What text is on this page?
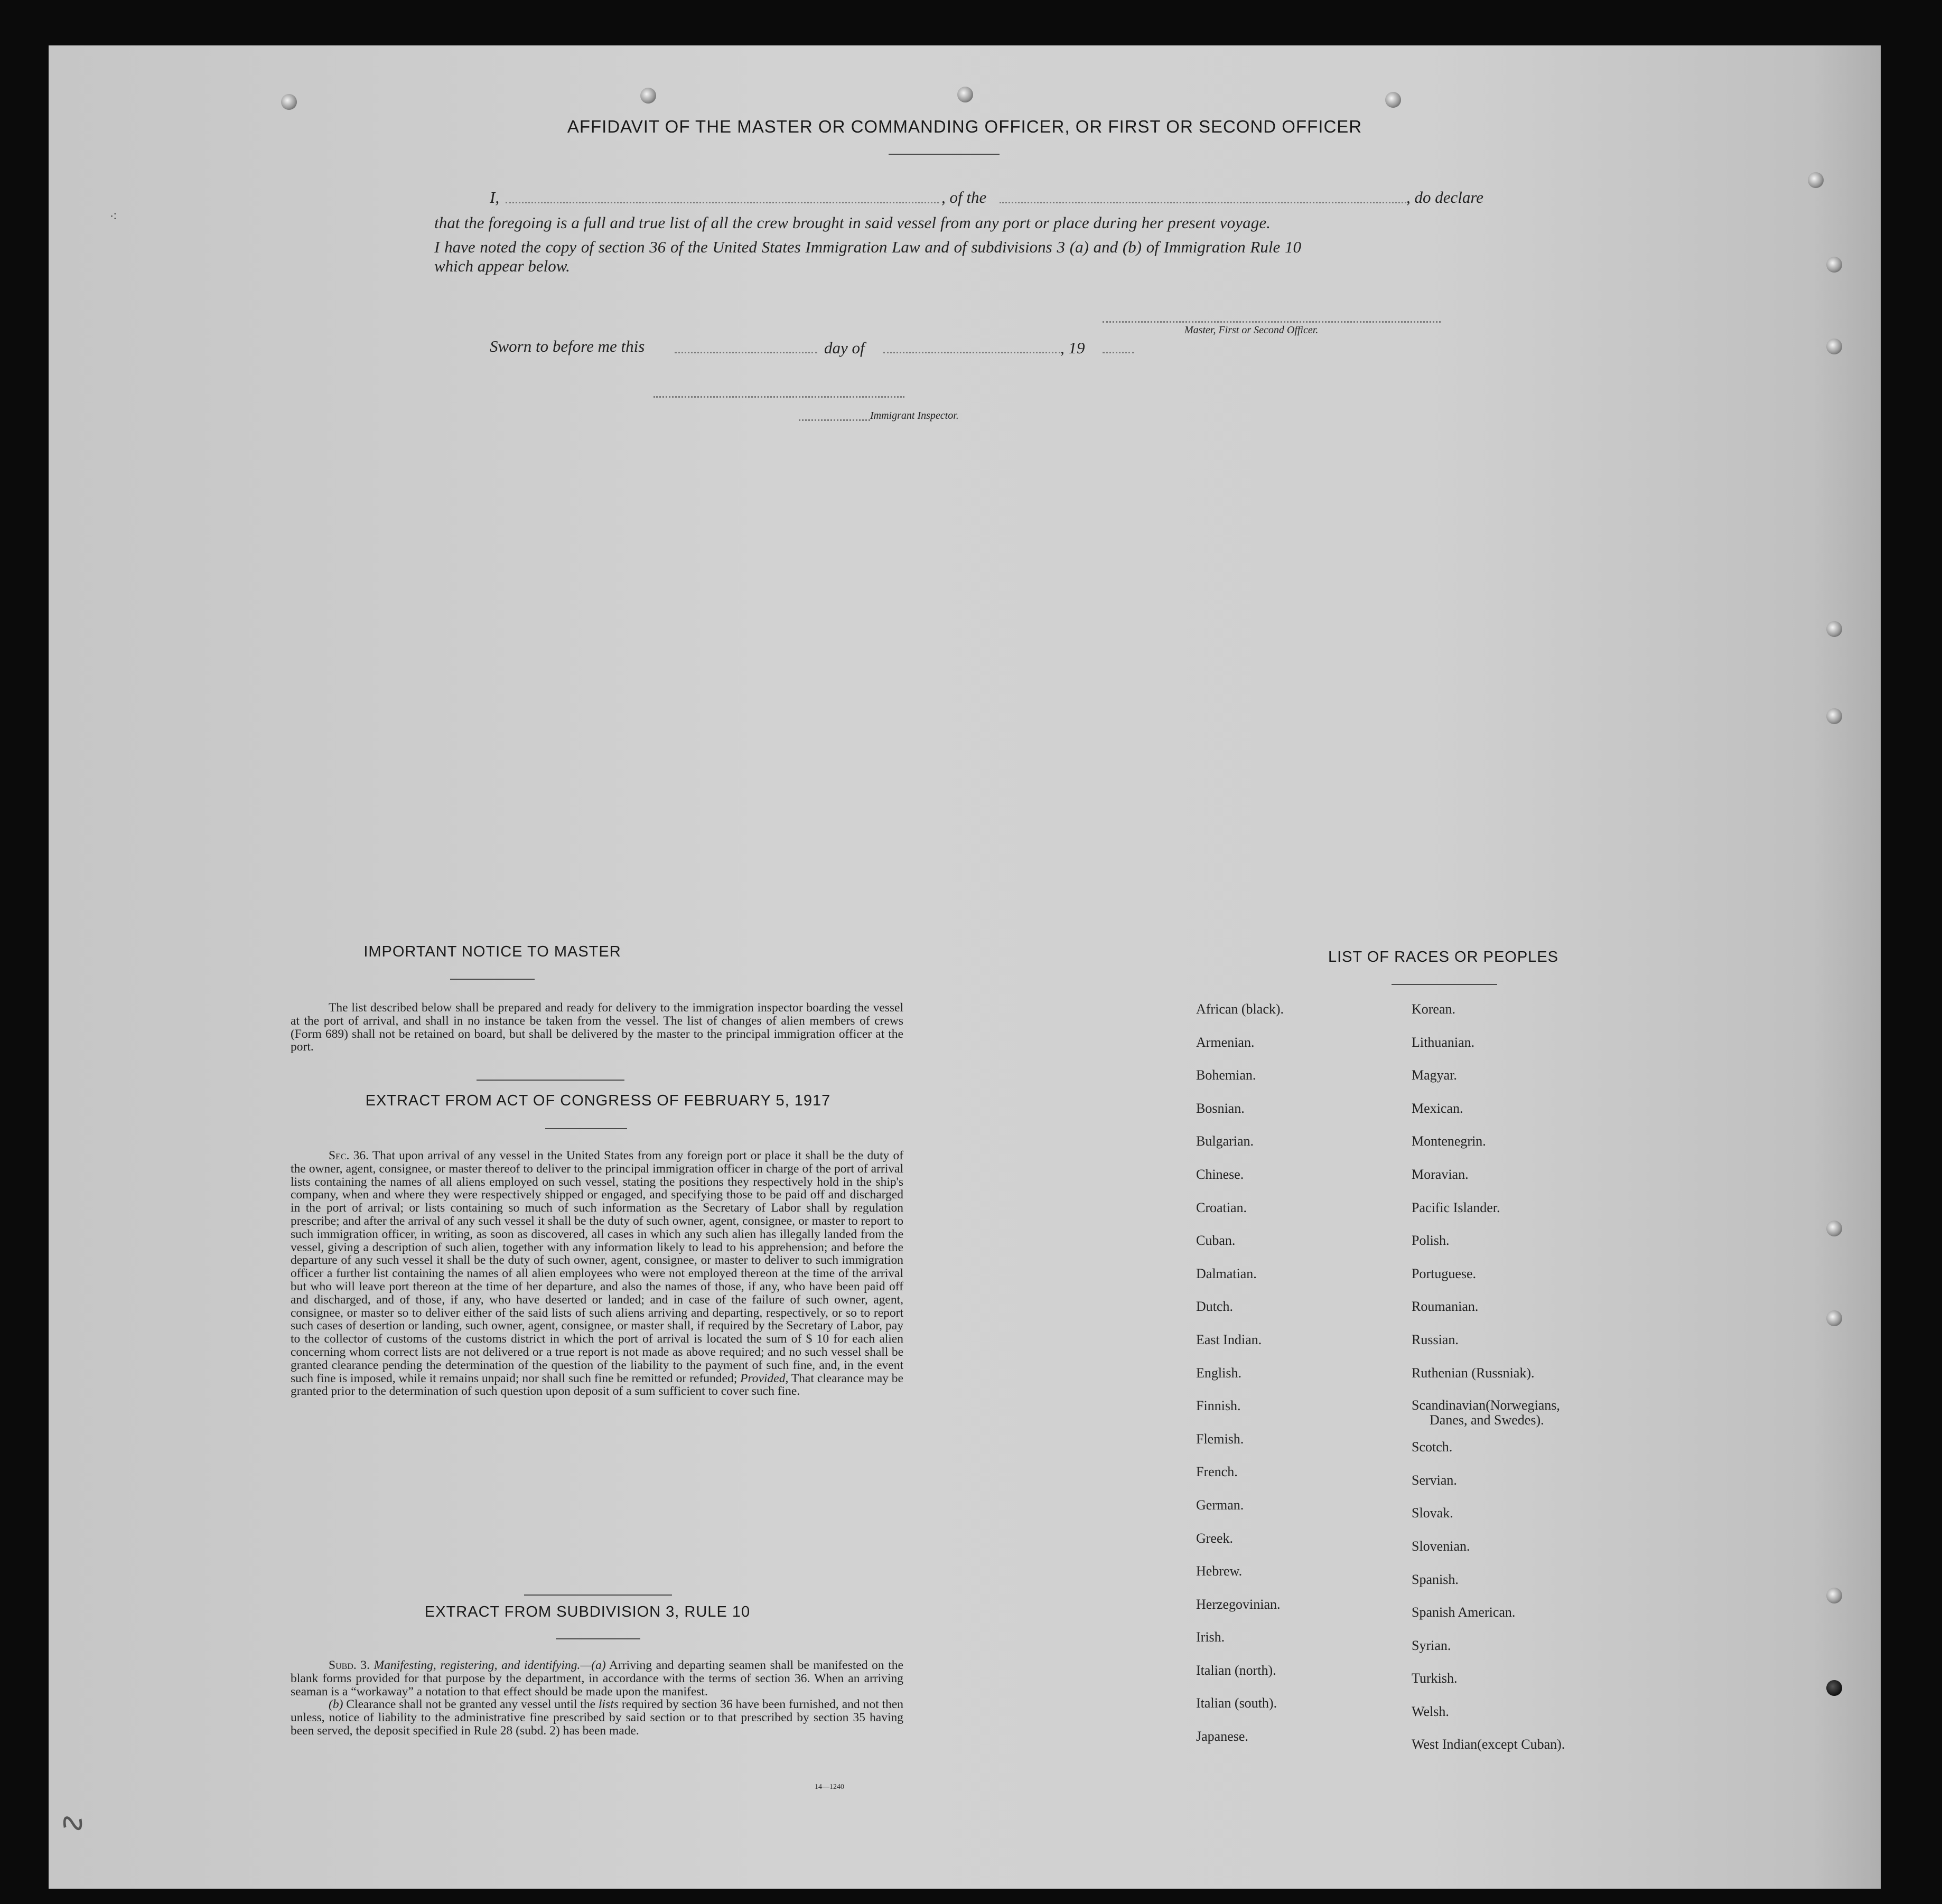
AFFIDAVIT OF THE MASTER OR COMMANDING OFFICER, OR FIRST OR SECOND OFFICER
I,	, of the	, do declare
that the foregoing is a full and true list of all the crew brought in said vessel from any port or place during her present voyage.
I have noted the copy of section 36 of the United States Immigration Law and of subdivisions 3 (a) and (b) of Immigration Rule 10
which appear below.
Master, First or Second Officer.
Sworn to before me this	day of	, 19
Immigrant Inspector.
IMPORTANT NOTICE TO MASTER

The list described below shall be prepared and ready for delivery to the immigration inspector boarding the vessel at the port of arrival, and shall in no instance be taken from the vessel. The list of changes of alien members of crews (Form 689) shall not be retained on board, but shall be delivered by the master to the principal immigration officer at the port.

EXTRACT FROM ACT OF CONGRESS OF FEBRUARY 5, 1917

Sec. 36. That upon arrival of any vessel in the United States from any foreign port or place it shall be the duty of the owner, agent, consignee, or master thereof to deliver to the principal immigration officer in charge of the port of arrival lists containing the names of all aliens employed on such vessel, stating the positions they respectively hold in the ship's company, when and where they were respectively shipped or engaged, and specifying those to be paid off and discharged in the port of arrival; or lists containing so much of such information as the Secretary of Labor shall by regulation prescribe; and after the arrival of any such vessel it shall be the duty of such owner, agent, consignee, or master to report to such immigration officer, in writing, as soon as discovered, all cases in which any such alien has illegally landed from the vessel, giving a description of such alien, together with any information likely to lead to his apprehension; and before the departure of any such vessel it shall be the duty of such owner, agent, consignee, or master to deliver to such immigration officer a further list containing the names of all alien employees who were not employed thereon at the time of the arrival but who will leave port thereon at the time of her departure, and also the names of those, if any, who have been paid off and discharged, and of those, if any, who have deserted or landed; and in case of the failure of such owner, agent, consignee, or master so to deliver either of the said lists of such aliens arriving and departing, respectively, or so to report such cases of desertion or landing, such owner, agent, consignee, or master shall, if required by the Secretary of Labor, pay to the collector of customs of the customs district in which the port of arrival is located the sum of $ 10 for each alien concerning whom correct lists are not delivered or a true report is not made as above required; and no such vessel shall be granted clearance pending the determination of the question of the liability to the payment of such fine, and, in the event such fine is imposed, while it remains unpaid; nor shall such fine be remitted or refunded; Provided, That clearance may be granted prior to the determination of such question upon deposit of a sum sufficient to cover such fine.

EXTRACT FROM SUBDIVISION 3, RULE 10

Subd. 3. Manifesting, registering, and identifying.—(a) Arriving and departing seamen shall be manifested on the blank forms provided for that purpose by the department, in accordance with the terms of section 36. When an arriving seaman is a “workaway” a notation to that effect should be made upon the manifest.

(b) Clearance shall not be granted any vessel until the lists required by section 36 have been furnished, and not then unless, notice of liability to the administrative fine prescribed by said section or to that prescribed by section 35 having been served, the deposit specified in Rule 28 (subd. 2) has been made.

14—1240
LIST OF RACES OR PEOPLES
African (black).
Armenian.
Bohemian.
Bosnian.
Bulgarian.
Chinese.
Croatian.
Cuban.
Dalmatian.
Dutch.
East Indian.
English.
Finnish.
Flemish.
French.
German.
Greek.
Hebrew.
Herzegovinian.
Irish.
Italian (north).
Italian (south).
Japanese.
Korean.
Lithuanian.
Magyar.
Mexican.
Montenegrin.
Moravian.
Pacific Islander.
Polish.
Portuguese.
Roumanian.
Russian.
Ruthenian (Russniak).
Scandinavian(Norwegians,
Danes, and Swedes).
Scotch.
Servian.
Slovak.
Slovenian.
Spanish.
Spanish American.
Syrian.
Turkish.
Welsh.
West Indian(except Cuban).
⁖
∿
